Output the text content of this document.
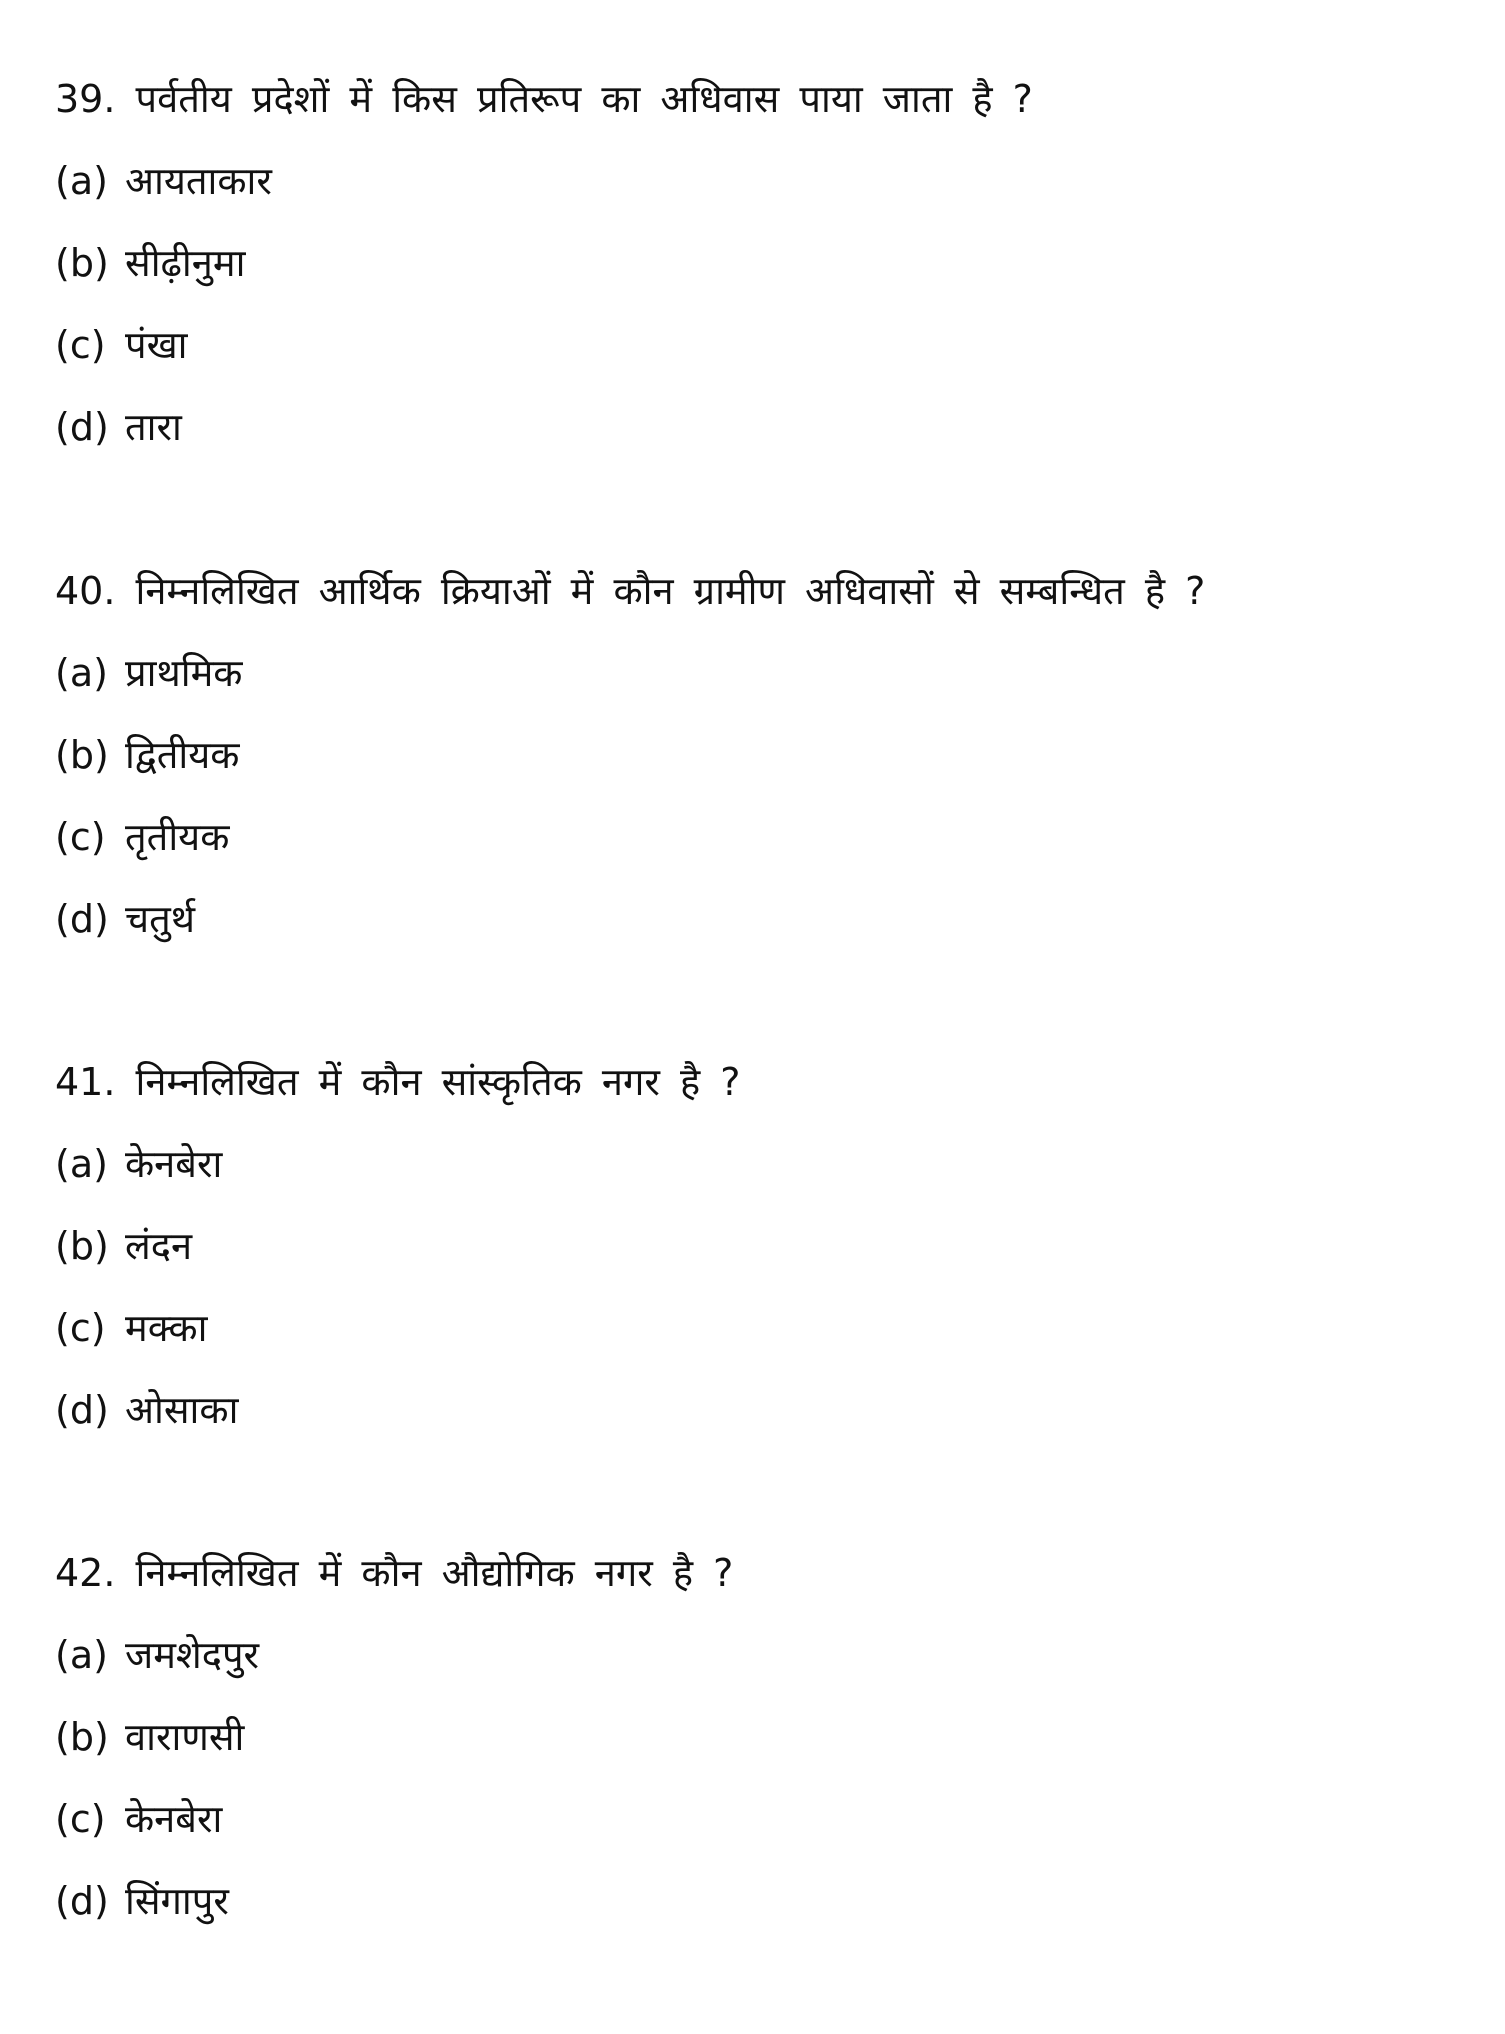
39. पर्वतीय प्रदेशों में किस प्रतिरूप का अधिवास पाया जाता है ?
(a) आयताकार
(b) सीढ़ीनुमा
(c) पंखा
(d) तारा
40. निम्नलिखित आर्थिक क्रियाओं में कौन ग्रामीण अधिवासों से सम्बन्धित है ?
(a) प्राथमिक
(b) द्वितीयक
(c) तृतीयक
(d) चतुर्थ
41. निम्नलिखित में कौन सांस्कृतिक नगर है ?
(a) केनबेरा
(b) लंदन
(c) मक्का
(d) ओसाका
42. निम्नलिखित में कौन औद्योगिक नगर है ?
(a) जमशेदपुर
(b) वाराणसी
(c) केनबेरा
(d) सिंगापुर
